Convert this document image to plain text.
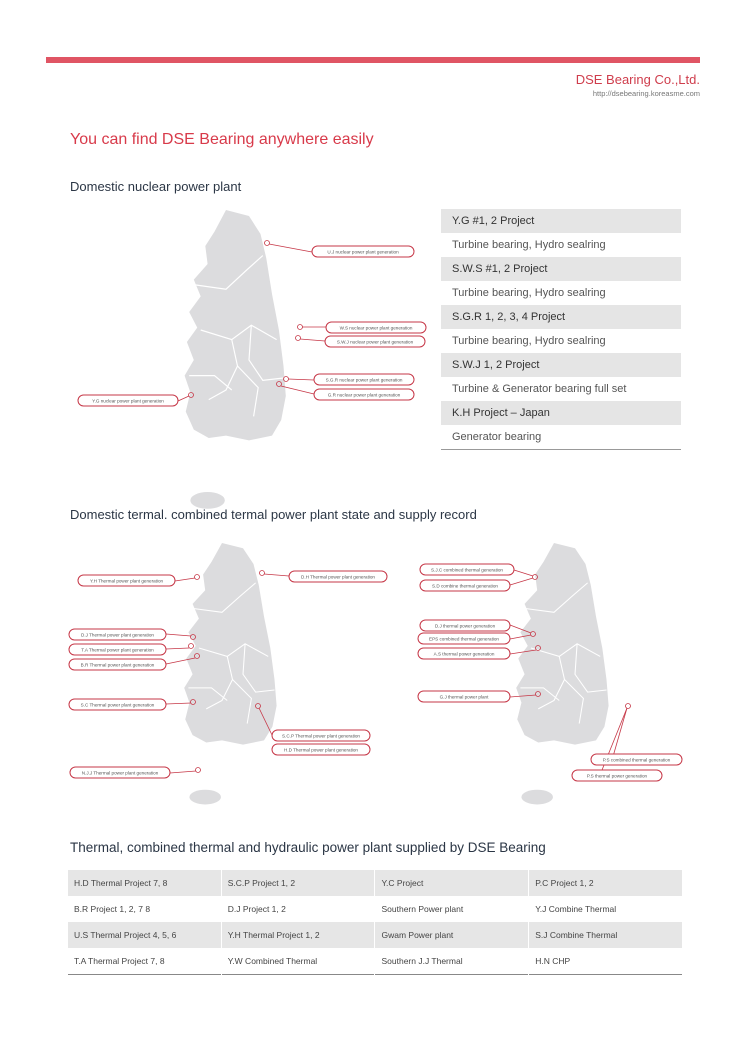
DSE Bearing Co.,Ltd.
http://dsebearing.koreasme.com
You can find DSE Bearing anywhere easily
Domestic nuclear power plant
Domestic termal. combined termal power plant state and supply record
Thermal, combined thermal and hydraulic power plant supplied by DSE Bearing
U.J nuclear power plant generation
W.S nuclear power plant generation
S.W.J nuclear power plant generation
S.G.R nuclear power plant generation
G.R nuclear power plant generation
Y.G nuclear power plant generation
Y.H Thermal power plant generation
D.H Thermal power plant generation
D.J Thermal power plant generation
T.A Thermal power plant generation
B.R Thermal power plant generation
S.C Thermal power plant generation
S.C.P Thermal power plant generation
H.D Thermal power plant generation
N.J.J Thermal power plant generation
S.J.C combined thermal generation
S.D combine thermal generation
D.J thermal power generation
EPS combined thermal generation
A.S thermal power generation
G.J thermal power plant
P.S combined thermal generation
P.S thermal power generation
Y.G #1, 2 Project
Turbine bearing, Hydro sealring
S.W.S #1, 2 Project
Turbine bearing, Hydro sealring
S.G.R 1, 2, 3, 4 Project
Turbine bearing, Hydro sealring
S.W.J 1, 2 Project
Turbine & Generator bearing full set
K.H Project – Japan
Generator bearing
H.D Thermal Project 7, 8	S.C.P Project 1, 2	Y.C Project	P.C Project 1, 2
B.R Project 1, 2, 7 8	D.J Project 1, 2	Southern Power plant	Y.J Combine Thermal
U.S Thermal Project 4, 5, 6	Y.H Thermal Project 1, 2	Gwam Power plant	S.J Combine Thermal
T.A Thermal Project 7, 8	Y.W Combined Thermal	Southern J.J Thermal	H.N CHP
